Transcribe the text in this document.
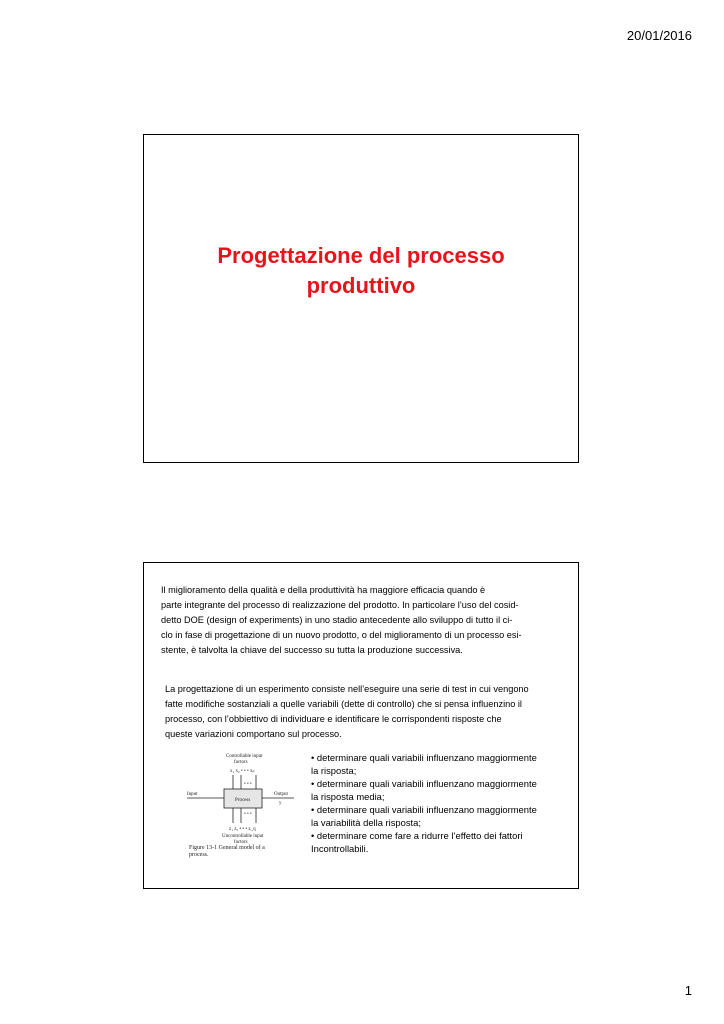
20/01/2016
Progettazione del processo
produttivo
Il miglioramento della qualità e della produttività ha maggiore efficacia quando è
parte integrante del processo di realizzazione del prodotto. In particolare l’uso del cosid-
detto DOE (design of experiments) in uno stadio antecedente allo sviluppo di tutto il ci-
clo in fase di progettazione di un nuovo prodotto, o del miglioramento di un processo esi-
stente, è talvolta la chiave del successo su tutta la produzione successiva.
La progettazione di un esperimento consiste nell’eseguire una serie di test in cui vengono
fatte modifiche sostanziali a quelle variabili (dette di controllo) che si pensa influenzino il
processo, con l’obbiettivo di individuare e identificare le corrispondenti risposte che
queste variazioni comportano sul processo.
Controllable input
factors
x₁ x₂ • • • xₚ
• • •
Input
Process
Output
y
• • •
z₁ z₂ • • • z_q
Uncontrollable input
factors
Figure 13-1 General model of a
process.
• determinare quali variabili influenzano maggiormente
la risposta;
• determinare quali variabili influenzano maggiormente
la risposta media;
• determinare quali variabili influenzano maggiormente
la variabilità della risposta;
• determinare come fare a ridurre l’effetto dei fattori
Incontrollabili.
1
